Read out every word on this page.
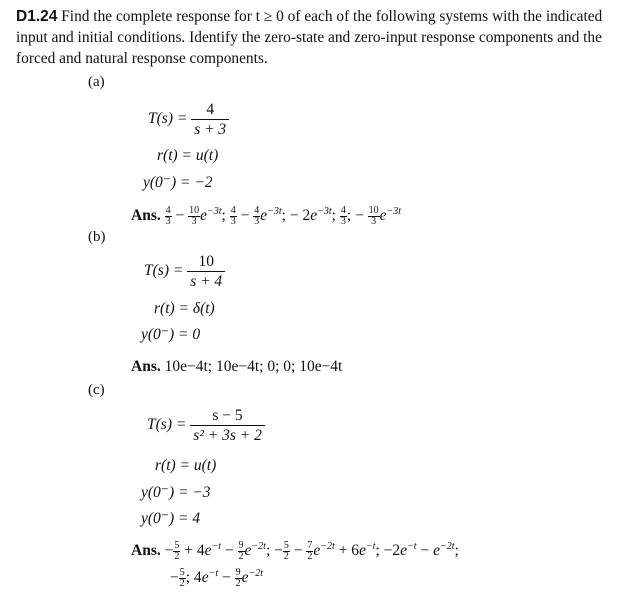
D1.24 Find the complete response for t ≥ 0 of each of the following systems with the indicated input and initial conditions. Identify the zero-state and zero-input response components and the forced and natural response components.
(a)
$T(s) = \frac{4}{s + 3}$
r(t) = u(t)
y(0⁻) = −2
Ans. $\frac{4}{3} - \frac{10}{3} e^{-3t}$; $\frac{4}{3} - \frac{4}{3} e^{-3t}$; − $2e^{-3t}$; $\frac{4}{3}$ ; − $\frac{10}{3} e^{-3t}$
(b)
$T(s) = \frac{10}{s + 4}$
r(t) = δ(t)
y(0⁻) = 0
Ans. 10e−4t; 10e−4t; 0; 0; 10e−4t
(c)
$T(s) = \frac{s - 5}{\text{s² + 3s + 2}}$
r(t) = u(t)
y(0⁻) = −3
y(0⁻) = 4
Ans. − $\frac{5}{2} + 4e^{-t} - \frac{9}{2} e^{-2t}$; − $\frac{5}{2} - \frac{7}{2} e^{-2t} + 6e^{-t}$; $-2e^{-t} - e^{-2t}$;
− $\frac{5}{2}$ ; $4e^{-t} - \frac{9}{2} e^{-2t}$
